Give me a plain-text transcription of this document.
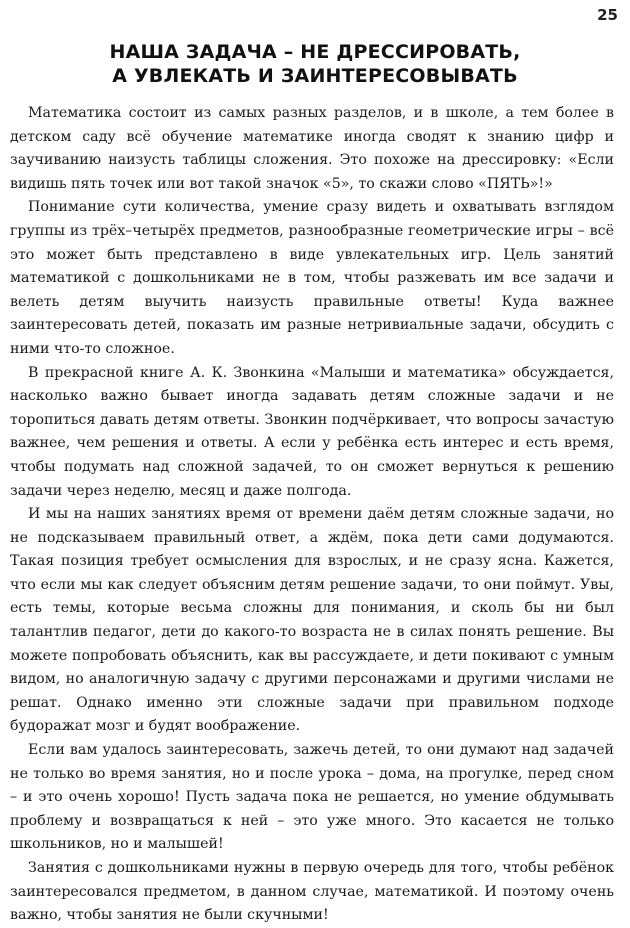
25
НАША ЗАДАЧА – НЕ ДРЕССИРОВАТЬ,
А УВЛЕКАТЬ И ЗАИНТЕРЕСОВЫВАТЬ

Математика состоит из самых разных разделов, и в школе, а тем более в детском саду всё обучение математике иногда сводят к знанию цифр и заучиванию наизусть таблицы сложения. Это похоже на дрессировку: «Если видишь пять точек или вот такой значок «5», то скажи слово «ПЯТЬ»!»

Понимание сути количества, умение сразу видеть и охватывать взглядом группы из трёх–четырёх предметов, разнообразные геометрические игры – всё это может быть представлено в виде увлекательных игр. Цель занятий математикой с дошкольниками не в том, чтобы разжевать им все задачи и велеть детям выучить наизусть правильные ответы! Куда важнее заинтересовать детей, показать им разные нетривиальные задачи, обсудить с ними что-то сложное.

В прекрасной книге А. К. Звонкина «Малыши и математика» обсуждается, насколько важно бывает иногда задавать детям сложные задачи и не торопиться давать детям ответы. Звонкин подчёркивает, что вопросы зачастую важнее, чем решения и ответы. А если у ребёнка есть интерес и есть время, чтобы подумать над сложной задачей, то он сможет вернуться к решению задачи через неделю, месяц и даже полгода.

И мы на наших занятиях время от времени даём детям сложные задачи, но не подсказываем правильный ответ, а ждём, пока дети сами додумаются. Такая позиция требует осмысления для взрослых, и не сразу ясна. Кажется, что если мы как следует объясним детям решение задачи, то они поймут. Увы, есть темы, которые весьма сложны для понимания, и сколь бы ни был талантлив педагог, дети до какого-то возраста не в силах понять решение. Вы можете попробовать объяснить, как вы рассуждаете, и дети покивают с умным видом, но аналогичную задачу с другими персонажами и другими числами не решат. Однако именно эти сложные задачи при правильном подходе будоражат мозг и будят воображение.

Если вам удалось заинтересовать, зажечь детей, то они думают над задачей не только во время занятия, но и после урока – дома, на прогулке, перед сном – и это очень хорошо! Пусть задача пока не решается, но умение обдумывать проблему и возвращаться к ней – это уже много. Это касается не только школьников, но и малышей!

Занятия с дошкольниками нужны в первую очередь для того, чтобы ребёнок заинтересовался предметом, в данном случае, математикой. И поэтому очень важно, чтобы занятия не были скучными!
